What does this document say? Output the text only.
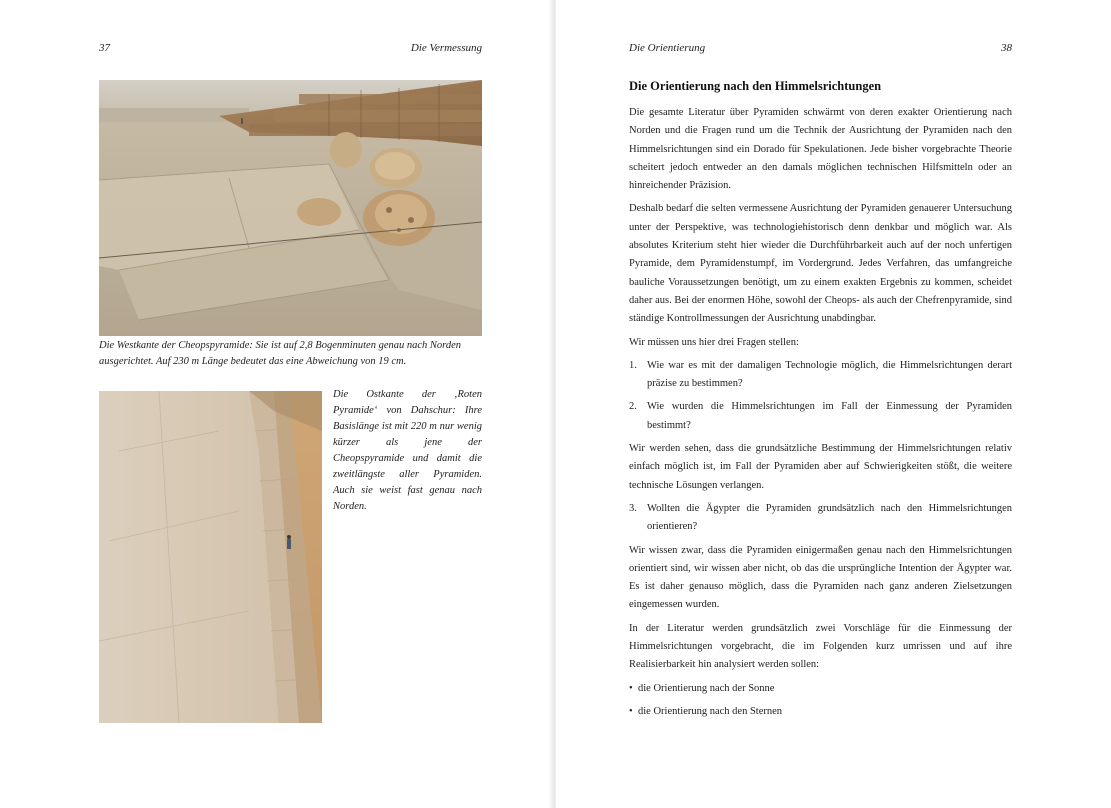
37	Die Vermessung
Die Westkante der Cheopspyramide: Sie ist auf 2,8 Bogenminuten genau nach Norden ausgerichtet. Auf 230 m Länge bedeutet das eine Abweichung von 19 cm.
Die Ostkante der ‚Roten Pyramide‘ von Dahschur: Ihre Basislänge ist mit 220 m nur wenig kürzer als jene der Cheopspyramide und damit die zweitlängste aller Pyramiden. Auch sie weist fast genau nach Norden.
Die Orientierung	38
Die Orientierung nach den Himmelsrichtungen

Die gesamte Literatur über Pyramiden schwärmt von deren exakter Orientierung nach Norden und die Fragen rund um die Technik der Ausrichtung der Pyramiden nach den Himmelsrichtungen sind ein Dorado für Spekulationen. Jede bisher vorgebrachte Theorie scheitert jedoch entweder an den damals möglichen technischen Hilfsmitteln oder an hinreichender Präzision.

Deshalb bedarf die selten vermessene Ausrichtung der Pyramiden genauerer Untersuchung unter der Perspektive, was technologiehistorisch denn denkbar und möglich war. Als absolutes Kriterium steht hier wieder die Durchführbarkeit auch auf der noch unfertigen Pyramide, dem Pyramidenstumpf, im Vordergrund. Jedes Verfahren, das umfangreiche bauliche Voraussetzungen benötigt, um zu einem exakten Ergebnis zu kommen, scheidet daher aus. Bei der enormen Höhe, sowohl der Cheops- als auch der Chefrenpyramide, sind ständige Kontrollmessungen der Ausrichtung unabdingbar.

Wir müssen uns hier drei Fragen stellen:

1. Wie war es mit der damaligen Technologie möglich, die Himmelsrichtungen derart präzise zu bestimmen?
2. Wie wurden die Himmelsrichtungen im Fall der Einmessung der Pyramiden bestimmt?

Wir werden sehen, dass die grundsätzliche Bestimmung der Himmelsrichtungen relativ einfach möglich ist, im Fall der Pyramiden aber auf Schwierigkeiten stößt, die weitere technische Lösungen verlangen.

3. Wollten die Ägypter die Pyramiden grundsätzlich nach den Himmelsrichtungen orientieren?

Wir wissen zwar, dass die Pyramiden einigermaßen genau nach den Himmelsrichtungen orientiert sind, wir wissen aber nicht, ob das die ursprüngliche Intention der Ägypter war. Es ist daher genauso möglich, dass die Pyramiden nach ganz anderen Zielsetzungen eingemessen wurden.

In der Literatur werden grundsätzlich zwei Vorschläge für die Einmessung der Himmelsrichtungen vorgebracht, die im Folgenden kurz umrissen und auf ihre Realisierbarkeit hin analysiert werden sollen:

• die Orientierung nach der Sonne
• die Orientierung nach den Sternen
